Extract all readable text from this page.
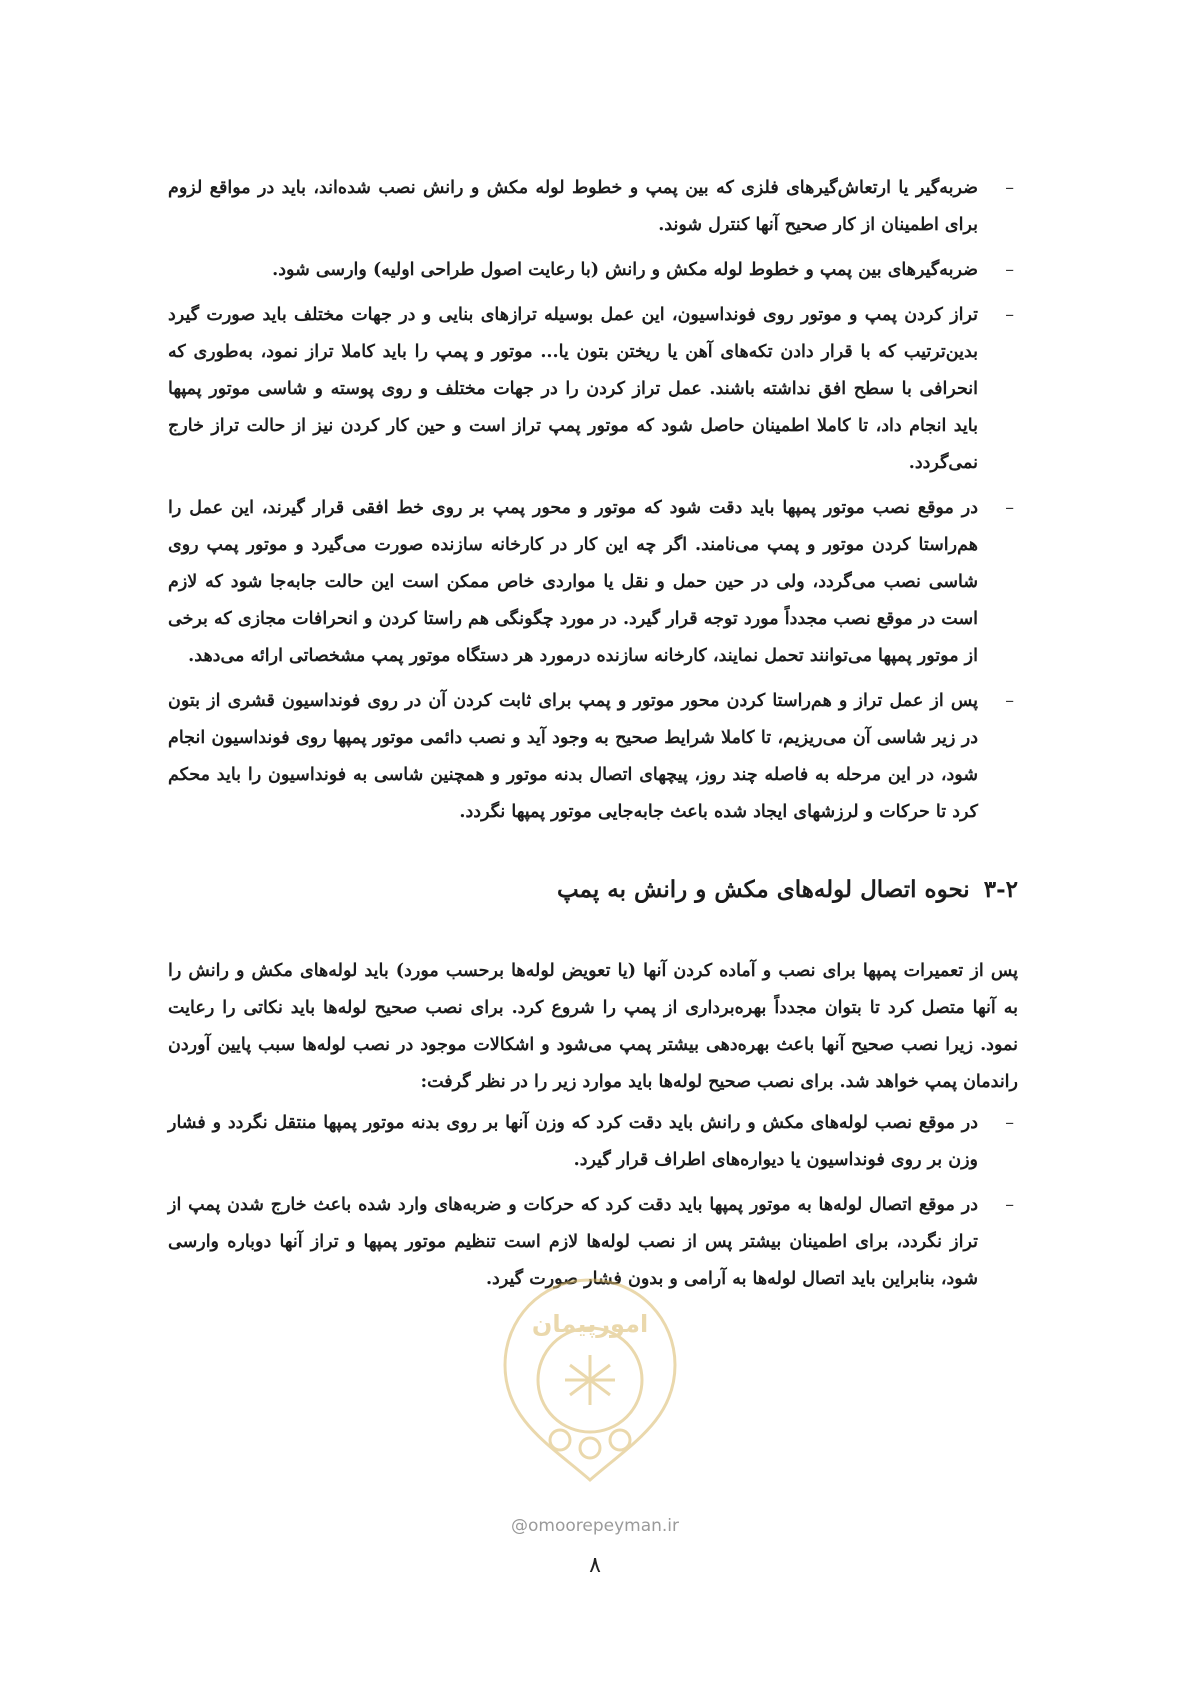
–
ضربه‌گیر یا ارتعاش‌گیرهای فلزی که بین پمپ و خطوط لوله مکش و رانش نصب شده‌اند، باید در مواقع لزوم برای اطمینان از کار صحیح آنها کنترل شوند.
–
ضربه‌گیرهای بین پمپ و خطوط لوله مکش و رانش (با رعایت اصول طراحی اولیه) وارسی شود.
–
تراز کردن پمپ و موتور روی فونداسیون، این عمل بوسیله ترازهای بنایی و در جهات مختلف باید صورت گیرد بدین‌ترتیب که با قرار دادن تکه‌های آهن یا ریختن بتون یا... موتور و پمپ را باید کاملا تراز نمود، به‌طوری که انحرافی با سطح افق نداشته باشند. عمل تراز کردن را در جهات مختلف و روی پوسته و شاسی موتور پمپها باید انجام داد، تا کاملا اطمینان حاصل شود که موتور پمپ تراز است و حین کار کردن نیز از حالت تراز خارج نمی‌گردد.
–
در موقع نصب موتور پمپها باید دقت شود که موتور و محور پمپ بر روی خط افقی قرار گیرند، این عمل را هم‌راستا کردن موتور و پمپ می‌نامند. اگر چه این کار در کارخانه سازنده صورت می‌گیرد و موتور پمپ روی شاسی نصب می‌گردد، ولی در حین حمل و نقل یا مواردی خاص ممکن است این حالت جابه‌جا شود که لازم است در موقع نصب مجدداً مورد توجه قرار گیرد. در مورد چگونگی هم راستا کردن و انحرافات مجازی که برخی از موتور پمپها می‌توانند تحمل نمایند، کارخانه سازنده درمورد هر دستگاه موتور پمپ مشخصاتی ارائه می‌دهد.
–
پس از عمل تراز و هم‌راستا کردن محور موتور و پمپ برای ثابت کردن آن در روی فونداسیون قشری از بتون در زیر شاسی آن می‌ریزیم، تا کاملا شرایط صحیح به وجود آید و نصب دائمی موتور پمپها روی فونداسیون انجام شود، در این مرحله به فاصله چند روز، پیچهای اتصال بدنه موتور و همچنین شاسی به فونداسیون را باید محکم کرد تا حرکات و لرزشهای ایجاد شده باعث جابه‌جایی موتور پمپها نگردد.
۳-۲ نحوه اتصال لوله‌های مکش و رانش به پمپ

پس از تعمیرات پمپها برای نصب و آماده کردن آنها (یا تعویض لوله‌ها برحسب مورد) باید لوله‌های مکش و رانش را به آنها متصل کرد تا بتوان مجدداً بهره‌برداری از پمپ را شروع کرد. برای نصب صحیح لوله‌ها باید نکاتی را رعایت نمود. زیرا نصب صحیح آنها باعث بهره‌دهی بیشتر پمپ می‌شود و اشکالات موجود در نصب لوله‌ها سبب پایین آوردن راندمان پمپ خواهد شد. برای نصب صحیح لوله‌ها باید موارد زیر را در نظر گرفت:

–
در موقع نصب لوله‌های مکش و رانش باید دقت کرد که وزن آنها بر روی بدنه موتور پمپها منتقل نگردد و فشار وزن بر روی فونداسیون یا دیواره‌های اطراف قرار گیرد.
–
در موقع اتصال لوله‌ها به موتور پمپها باید دقت کرد که حرکات و ضربه‌های وارد شده باعث خارج شدن پمپ از تراز نگردد، برای اطمینان بیشتر پس از نصب لوله‌ها لازم است تنظیم موتور پمپها و تراز آنها دوباره وارسی شود، بنابراین باید اتصال لوله‌ها به آرامی و بدون فشار صورت گیرد.
امورپیمان
@omoorepeyman.ir
۸
